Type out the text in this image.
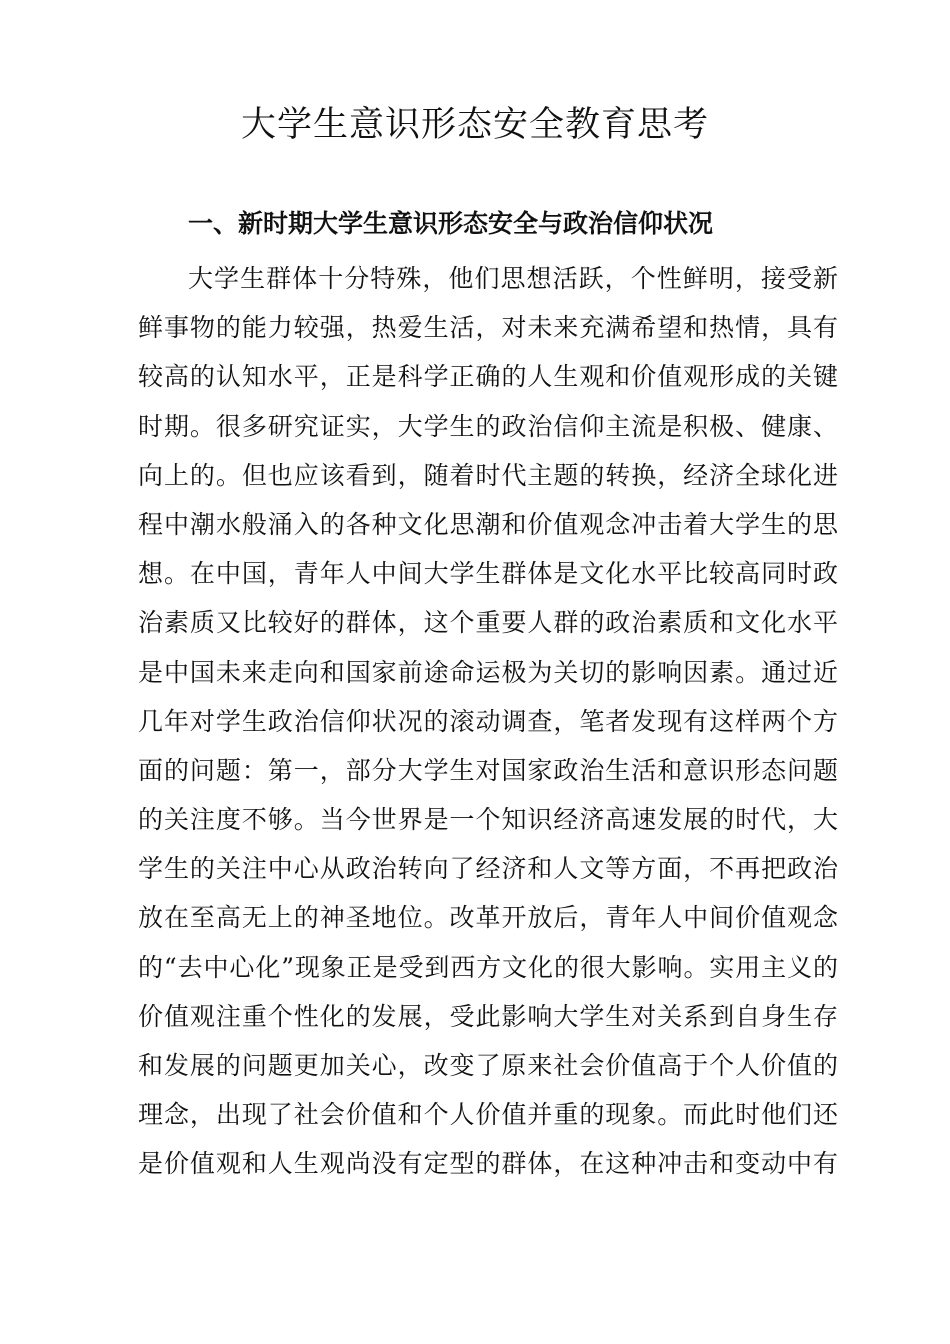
大学生意识形态安全教育思考
一、新时期大学生意识形态安全与政治信仰状况
大学生群体十分特殊，他们思想活跃，个性鲜明，接受新
鲜事物的能力较强，热爱生活，对未来充满希望和热情，具有
较高的认知水平，正是科学正确的人生观和价值观形成的关键
时期。很多研究证实，大学生的政治信仰主流是积极、健康、
向上的。但也应该看到，随着时代主题的转换，经济全球化进
程中潮水般涌入的各种文化思潮和价值观念冲击着大学生的思
想。在中国，青年人中间大学生群体是文化水平比较高同时政
治素质又比较好的群体，这个重要人群的政治素质和文化水平
是中国未来走向和国家前途命运极为关切的影响因素。通过近
几年对学生政治信仰状况的滚动调查，笔者发现有这样两个方
面的问题：第一，部分大学生对国家政治生活和意识形态问题
的关注度不够。当今世界是一个知识经济高速发展的时代，大
学生的关注中心从政治转向了经济和人文等方面，不再把政治
放在至高无上的神圣地位。改革开放后，青年人中间价值观念
的“去中心化”现象正是受到西方文化的很大影响。实用主义的
价值观注重个性化的发展，受此影响大学生对关系到自身生存
和发展的问题更加关心，改变了原来社会价值高于个人价值的
理念，出现了社会价值和个人价值并重的现象。而此时他们还
是价值观和人生观尚没有定型的群体，在这种冲击和变动中有
